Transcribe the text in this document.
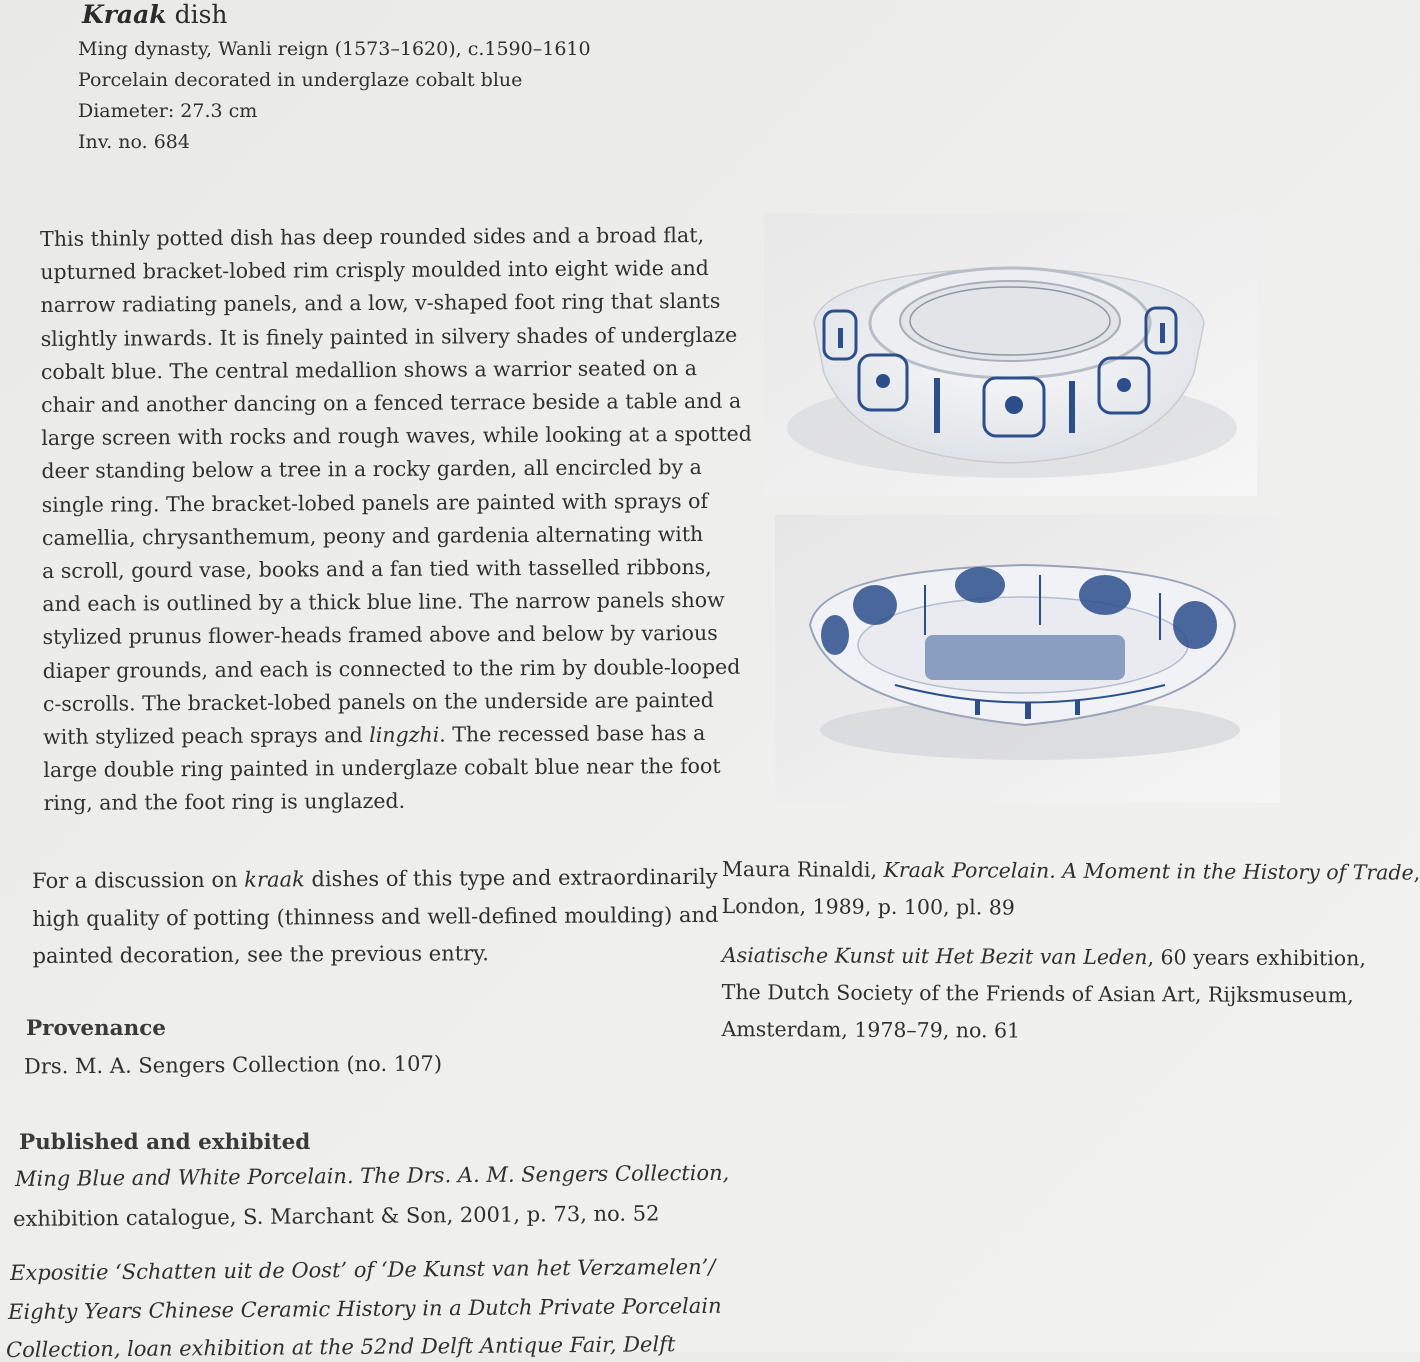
Kraak dish
Ming dynasty, Wanli reign (1573–1620), c.1590–1610
Porcelain decorated in underglaze cobalt blue
Diameter: 27.3 cm
Inv. no. 684
This thinly potted dish has deep rounded sides and a broad flat,
upturned bracket-lobed rim crisply moulded into eight wide and
narrow radiating panels, and a low, v-shaped foot ring that slants
slightly inwards. It is finely painted in silvery shades of underglaze
cobalt blue. The central medallion shows a warrior seated on a
chair and another dancing on a fenced terrace beside a table and a
large screen with rocks and rough waves, while looking at a spotted
deer standing below a tree in a rocky garden, all encircled by a
single ring. The bracket-lobed panels are painted with sprays of
camellia, chrysanthemum, peony and gardenia alternating with
a scroll, gourd vase, books and a fan tied with tasselled ribbons,
and each is outlined by a thick blue line. The narrow panels show
stylized prunus flower-heads framed above and below by various
diaper grounds, and each is connected to the rim by double-looped
c-scrolls. The bracket-lobed panels on the underside are painted
with stylized peach sprays and lingzhi. The recessed base has a
large double ring painted in underglaze cobalt blue near the foot
ring, and the foot ring is unglazed.
For a discussion on kraak dishes of this type and extraordinarily
high quality of potting (thinness and well-defined moulding) and
painted decoration, see the previous entry.
Provenance
Drs. M. A. Sengers Collection (no. 107)
Published and exhibited
Ming Blue and White Porcelain. The Drs. A. M. Sengers Collection,
exhibition catalogue, S. Marchant & Son, 2001, p. 73, no. 52
Expositie ‘Schatten uit de Oost’ of ‘De Kunst van het Verzamelen’/
Eighty Years Chinese Ceramic History in a Dutch Private Porcelain
Collection, loan exhibition at the 52nd Delft Antique Fair, Delft
Maura Rinaldi, Kraak Porcelain. A Moment in the History of Trade,
London, 1989, p. 100, pl. 89
Asiatische Kunst uit Het Bezit van Leden, 60 years exhibition,
The Dutch Society of the Friends of Asian Art, Rijksmuseum,
Amsterdam, 1978–79, no. 61
